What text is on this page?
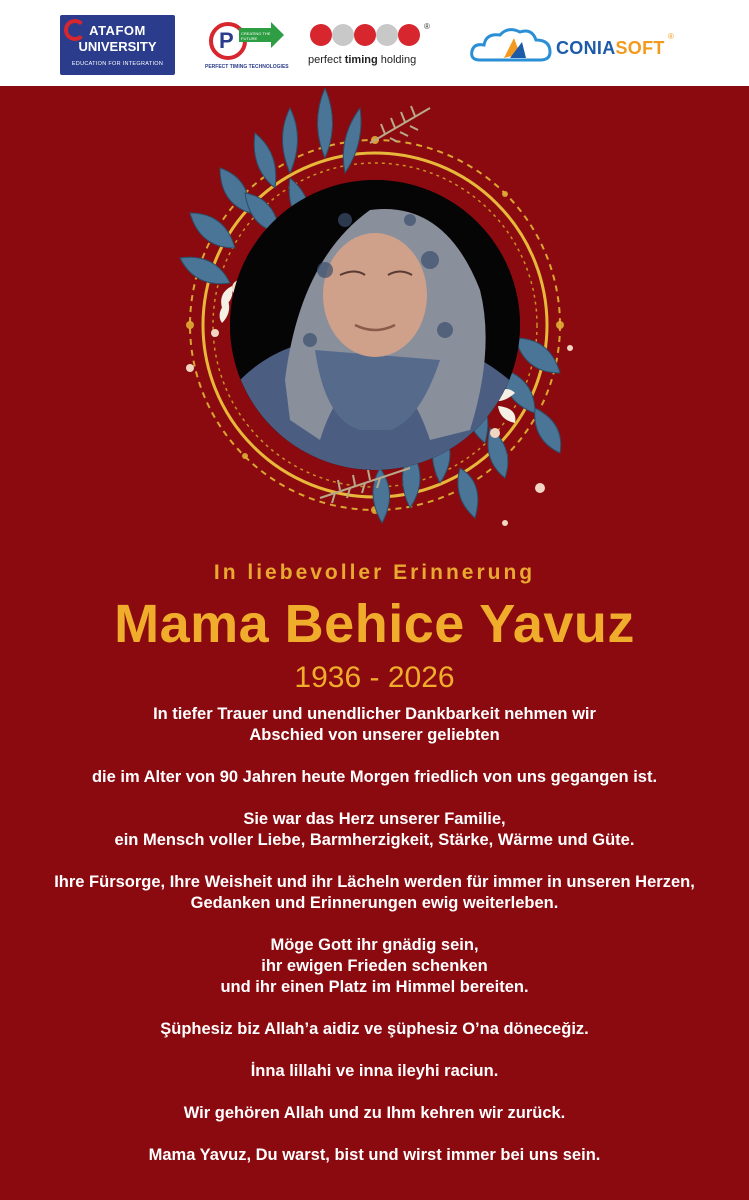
ATAFOM
UNIVERSITY
EDUCATION FOR INTEGRATION
P CREATING THE FUTURE
PERFECT TIMING TECHNOLOGIES
®
perfect timing holding
CONIASOFT
®
In liebevoller Erinnerung
Mama Behice Yavuz
1936 - 2026
In tiefer Trauer und unendlicher Dankbarkeit nehmen wir
Abschied von unserer geliebten
die im Alter von 90 Jahren heute Morgen friedlich von uns gegangen ist.
Sie war das Herz unserer Familie,
ein Mensch voller Liebe, Barmherzigkeit, Stärke, Wärme und Güte.
Ihre Fürsorge, Ihre Weisheit und ihr Lächeln werden für immer in unseren Herzen,
Gedanken und Erinnerungen ewig weiterleben.
Möge Gott ihr gnädig sein,
ihr ewigen Frieden schenken
und ihr einen Platz im Himmel bereiten.
Şüphesiz biz Allah’a aidiz ve şüphesiz O’na döneceğiz.
İnna lillahi ve inna ileyhi raciun.
Wir gehören Allah und zu Ihm kehren wir zurück.
Mama Yavuz, Du warst, bist und wirst immer bei uns sein.
